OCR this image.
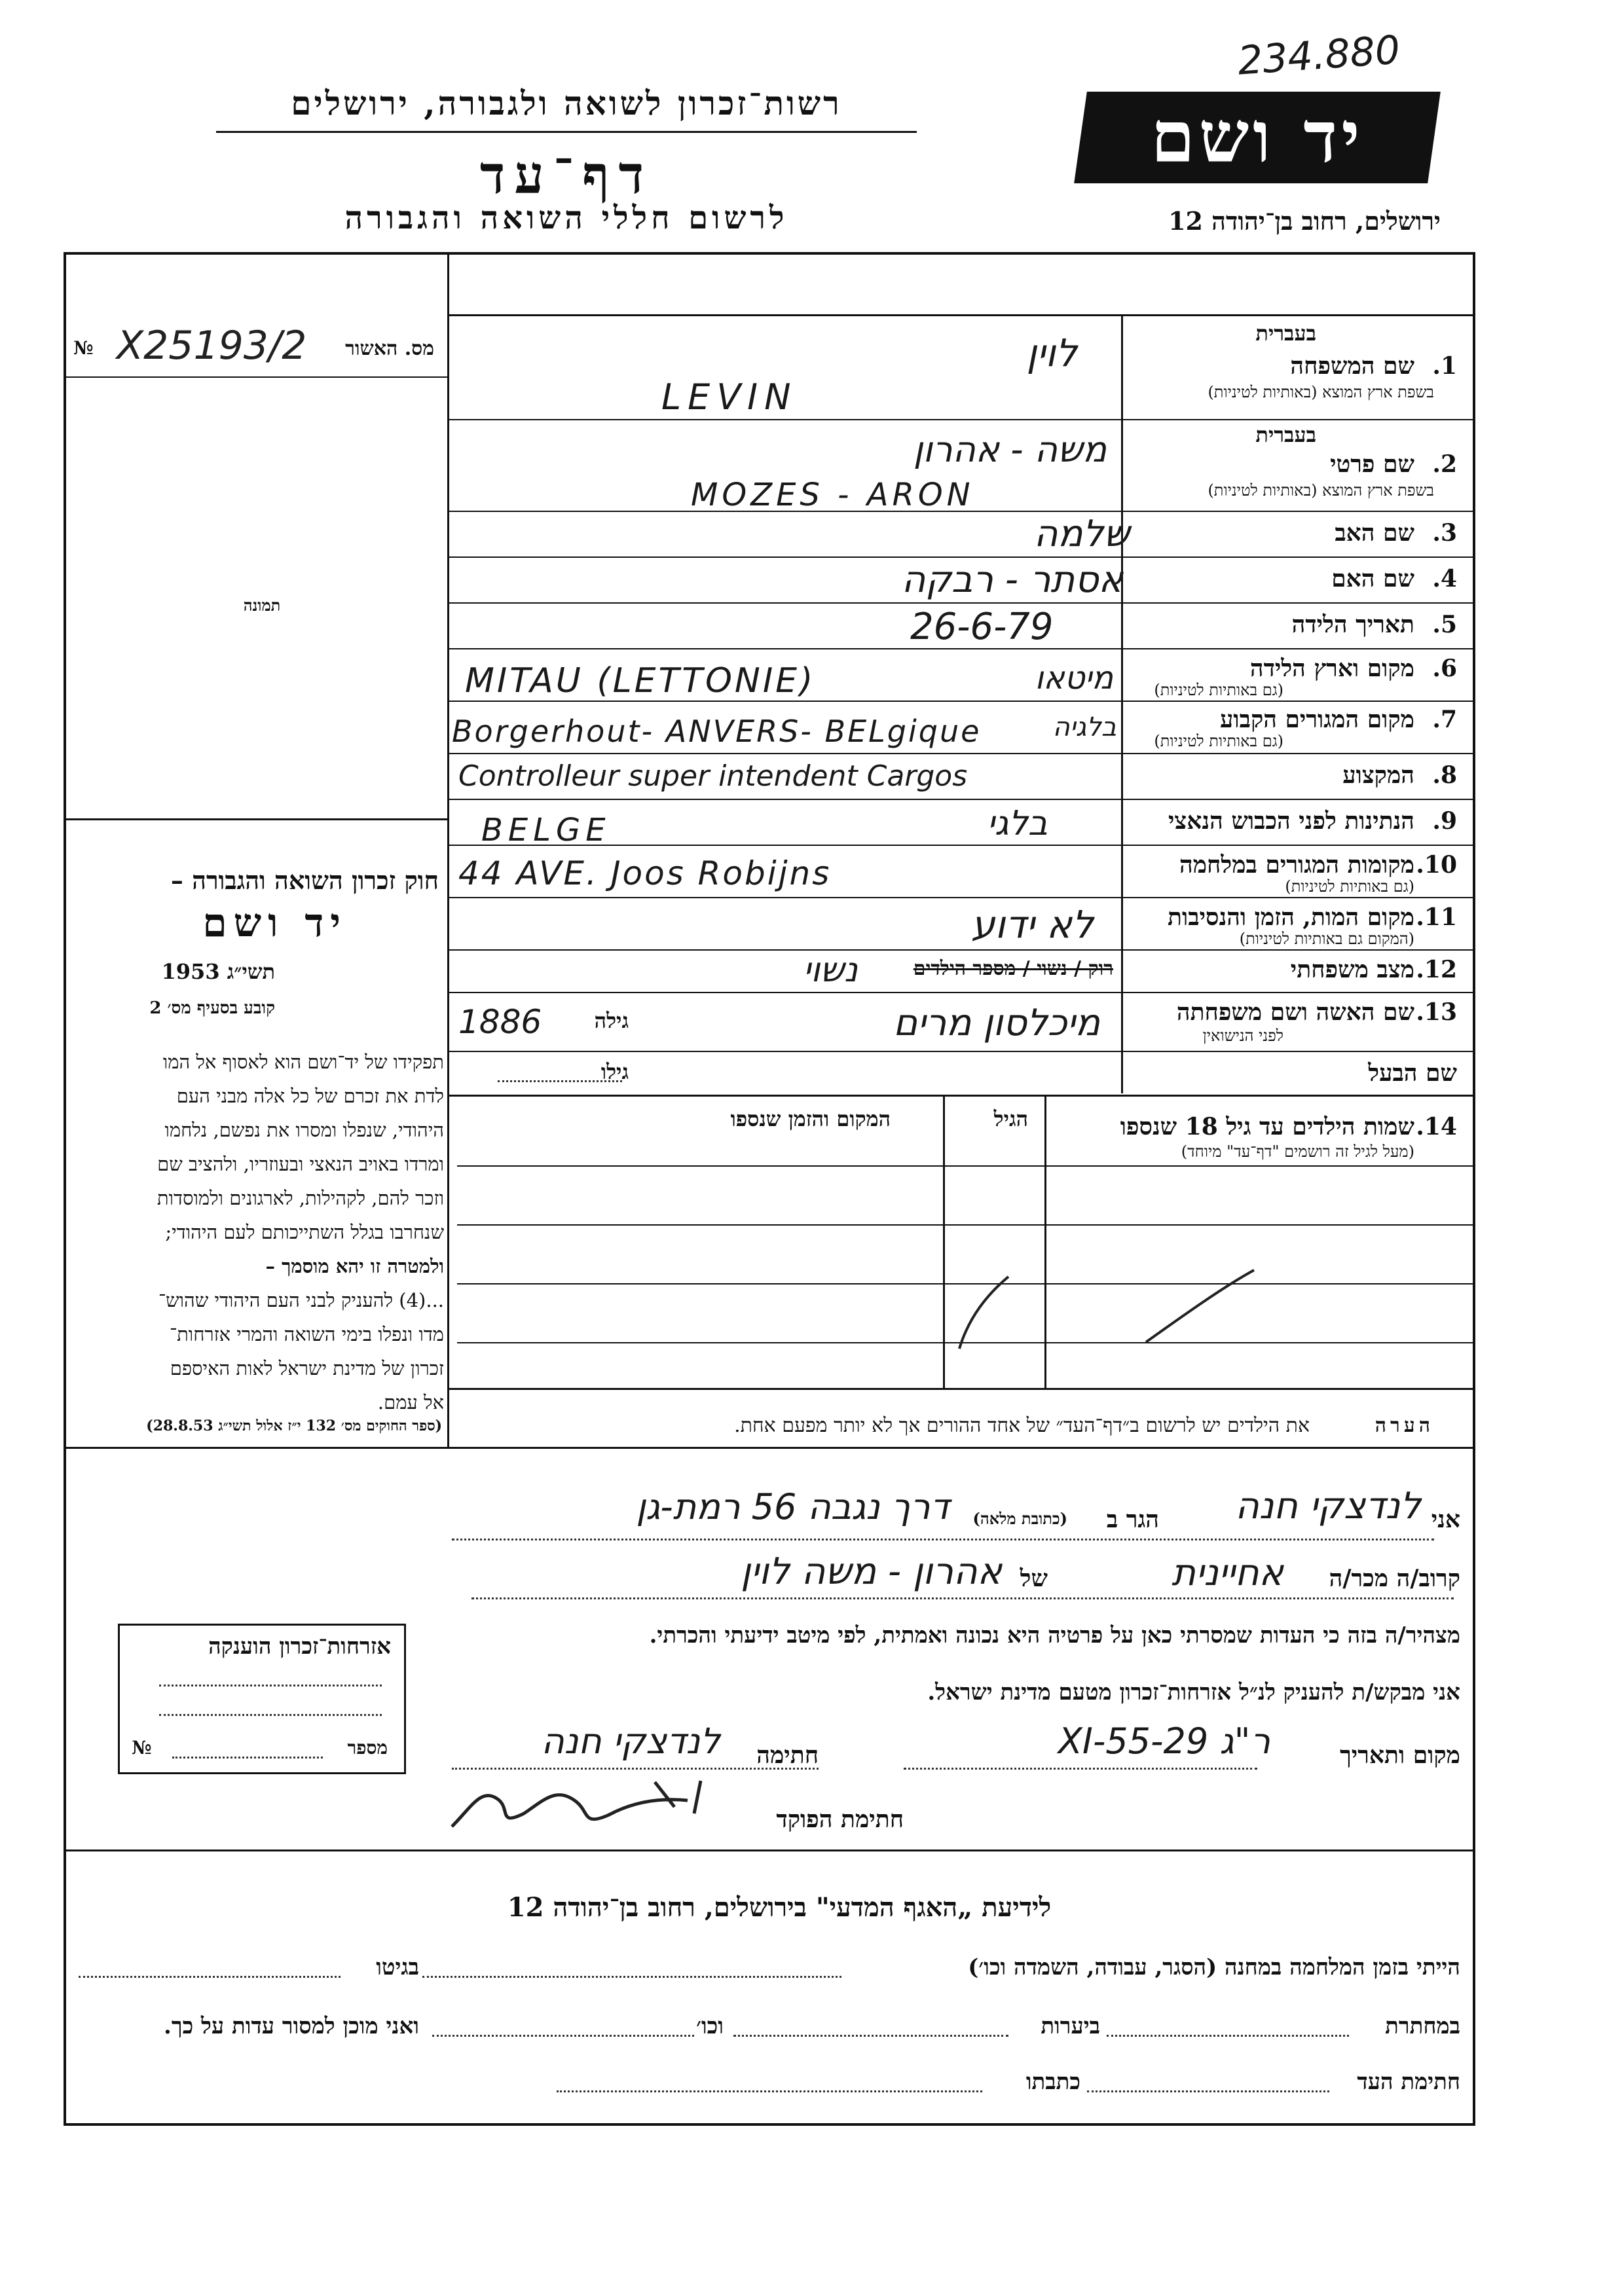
234.880
רשות־זכרון לשואה ולגבורה, ירושלים
דף־עד
לרשום חללי השואה והגבורה
יד ושם
ירושלים, רחוב בן־יהודה 12
מס. האשור
№ X25193/2
תמונה
חוק זכרון השואה והגבורה –
יד ושם
תשי״ג 1953
קובע בסעיף מס׳ 2
תפקידו של יד־ושם הוא לאסוף אל המו
לדת את זכרם של כל אלה מבני העם
היהודי, שנפלו ומסרו את נפשם, נלחמו
ומרדו באויב הנאצי ובעוזריו, ולהציב שם
וזכר להם, לקהילות, לארגונים ולמוסדות
שנחרבו בגלל השתייכותם לעם היהודי;
ולמטרה זו יהא מוסמך –
...(4) להעניק לבני העם היהודי שהוש־
מדו ונפלו בימי השואה והמרי אזרחות־
זכרון של מדינת ישראל לאות האיספם
אל עמם.
(ספר החוקים מס׳ 132 י״ז אלול תשי״ג 28.8.53)
בעברית
1.
שם המשפחה
בשפת ארץ המוצא (באותיות לטיניות)
לוין
LEVIN
בעברית
2.
שם פרטי
בשפת ארץ המוצא (באותיות לטיניות)
משה - אהרון
MOZES - ARON
3.
שם האב
שלמה
4.
שם האם
אסתר - רבקה
5.
תאריך הלידה
26-6-79
6.
מקום וארץ הלידה
(גם באותיות לטיניות)
MITAU (LETTONIE)	מיטאו
7.
מקום המגורים הקבוע
(גם באותיות לטיניות)
Borgerhout- ANVERS- BELgique	בלגיה
8.
המקצוע
Controlleur super intendent Cargos
9.
הנתינות לפני הכבוש הנאצי
BELGE	בלגי
10.
מקומות המגורים במלחמה
(גם באותיות לטיניות)
44 AVE. Joos Robijns
11.
מקום המות, הזמן והנסיבות
(המקום גם באותיות לטיניות)
לא ידוע
12.
מצב משפחתי
רוק / נשוי / מספר הילדים
נשוי
13.
שם האשה ושם משפחתה
לפני הנישואין
1886	גילה	מיכלסון מרים
שם הבעל
גילו
14.
שמות הילדים עד גיל 18 שנספו
(מעל לגיל זה רושמים "דף־עד" מיוחד)
הגיל
המקום והזמן שנספו
הערה
את הילדים יש לרשום ב״דף־העד״ של אחד ההורים אך לא יותר מפעם אחת.
אני
לנדצקי חנה
הגר ב
(כתובת מלאה)
דרך נגבה 56 רמת-גן
קרוב/ה מכר/ה
אחיינית
של
אהרון - משה לוין
מצהיר/ה בזה כי העדות שמסרתי כאן על פרטיה היא נכונה ואמתית, לפי מיטב ידיעתי והכרתי.
אני מבקש/ת להעניק לנ״ל אזרחות־זכרון מטעם מדינת ישראל.
מקום ותאריך
ר"ג 29-XI-55
חתימה
לנדצקי חנה
חתימת הפוקד
אזרחות־זכרון הוענקה
מספר
№
לידיעת „האגף המדעי" בירושלים, רחוב בן־יהודה 12
הייתי בזמן המלחמה במחנה (הסגר, עבודה, השמדה וכו׳)
בגיטו
במחתרת
ביערות
וכו׳
ואני מוכן למסור עדות על כך.
חתימת העד
כתבתו
